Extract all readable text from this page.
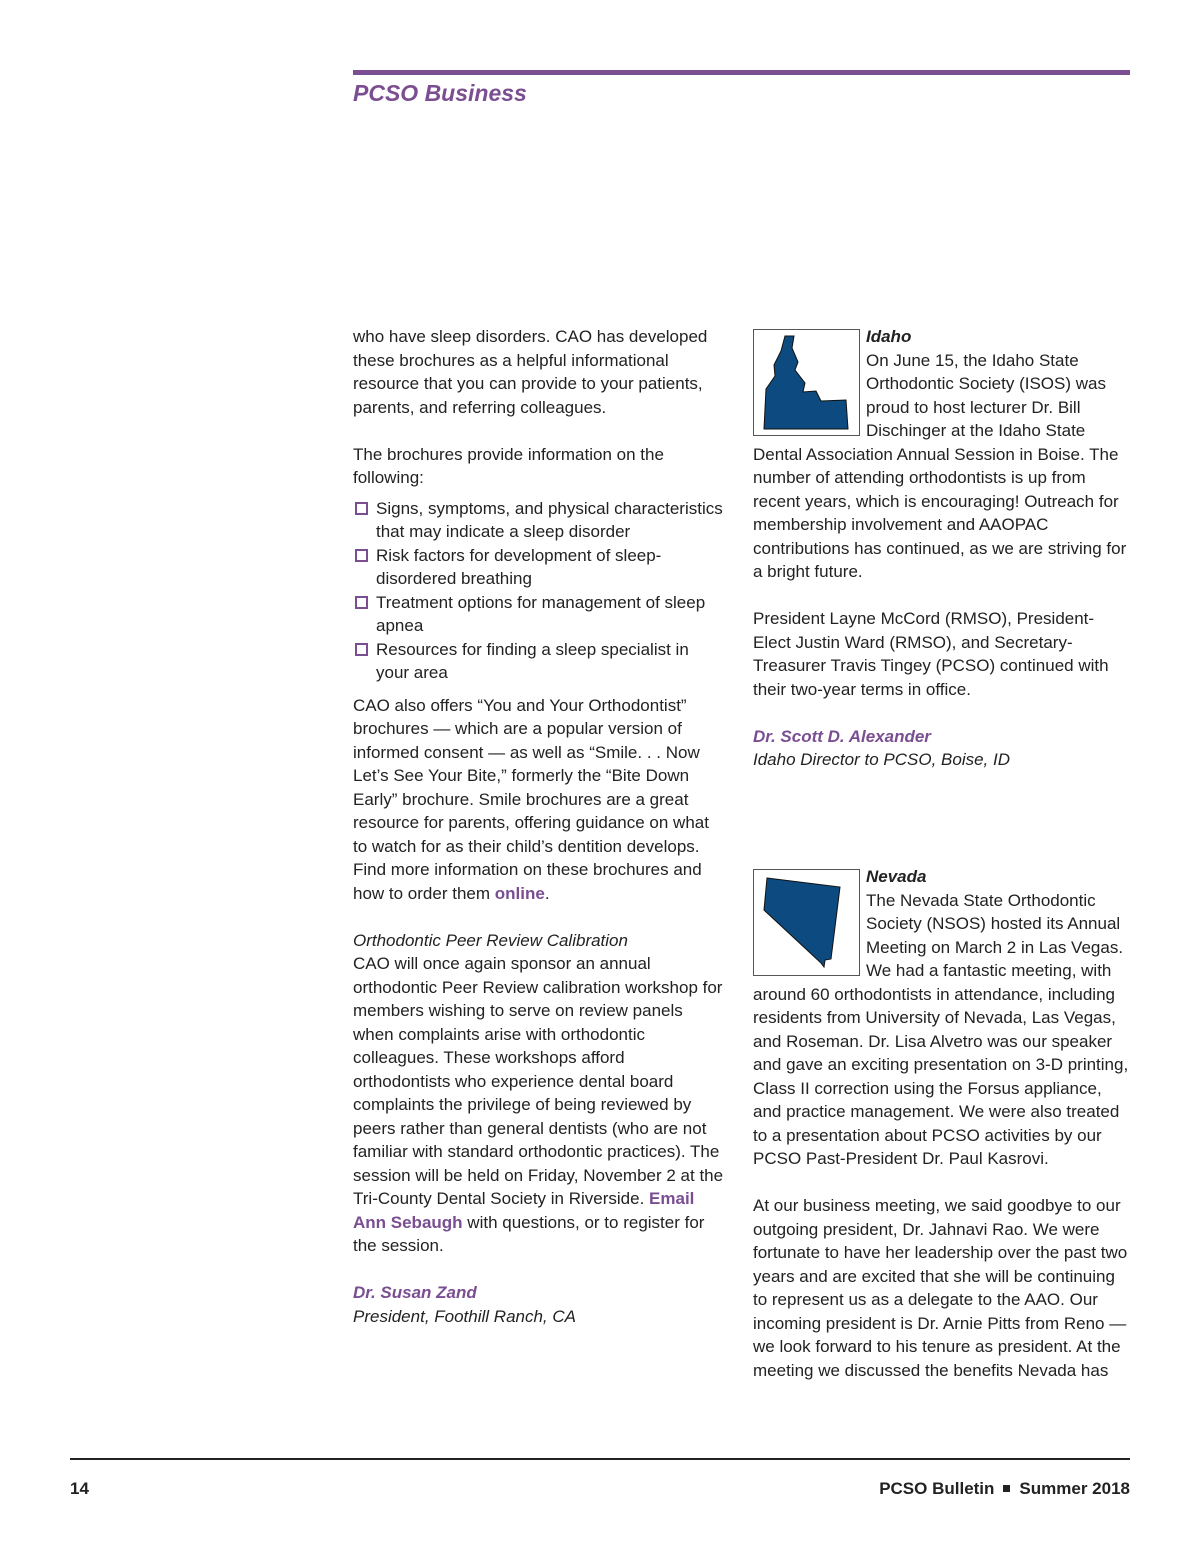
PCSO Business

who have sleep disorders. CAO has developed these brochures as a helpful informational resource that you can provide to your patients, parents, and referring colleagues.

The brochures provide information on the following:

Signs, symptoms, and physical characteristics that may indicate a sleep disorder
Risk factors for development of sleep-disordered breathing
Treatment options for management of sleep apnea
Resources for finding a sleep specialist in your area

CAO also offers “You and Your Orthodontist” brochures — which are a popular version of informed consent — as well as “Smile. . . Now Let’s See Your Bite,” formerly the “Bite Down Early” brochure. Smile brochures are a great resource for parents, offering guidance on what to watch for as their child’s dentition develops. Find more information on these brochures and how to order them online.

Orthodontic Peer Review Calibration
CAO will once again sponsor an annual orthodontic Peer Review calibration workshop for members wishing to serve on review panels when complaints arise with orthodontic colleagues. These workshops afford orthodontists who experience dental board complaints the privilege of being reviewed by peers rather than general dentists (who are not familiar with standard orthodontic practices). The session will be held on Friday, November 2 at the Tri-County Dental Society in Riverside. Email Ann Sebaugh with questions, or to register for the session.

Dr. Susan Zand
President, Foothill Ranch, CA

Idaho

On June 15, the Idaho State Orthodontic Society (ISOS) was proud to host lecturer Dr. Bill Dischinger at the Idaho State Dental Association Annual Session in Boise. The number of attending orthodontists is up from recent years, which is encouraging! Outreach for membership involvement and AAOPAC contributions has continued, as we are striving for a bright future.

President Layne McCord (RMSO), President-Elect Justin Ward (RMSO), and Secretary-Treasurer Travis Tingey (PCSO) continued with their two-year terms in office.

Dr. Scott D. Alexander
Idaho Director to PCSO, Boise, ID

Nevada

The Nevada State Orthodontic Society (NSOS) hosted its Annual Meeting on March 2 in Las Vegas. We had a fantastic meeting, with around 60 orthodontists in attendance, including residents from University of Nevada, Las Vegas, and Roseman. Dr. Lisa Alvetro was our speaker and gave an exciting presentation on 3-D printing, Class II correction using the Forsus appliance, and practice management. We were also treated to a presentation about PCSO activities by our PCSO Past-President Dr. Paul Kasrovi.

At our business meeting, we said goodbye to our outgoing president, Dr. Jahnavi Rao. We were fortunate to have her leadership over the past two years and are excited that she will be continuing to represent us as a delegate to the AAO. Our incoming president is Dr. Arnie Pitts from Reno — we look forward to his tenure as president. At the meeting we discussed the benefits Nevada has

14	PCSO Bulletin Summer 2018
